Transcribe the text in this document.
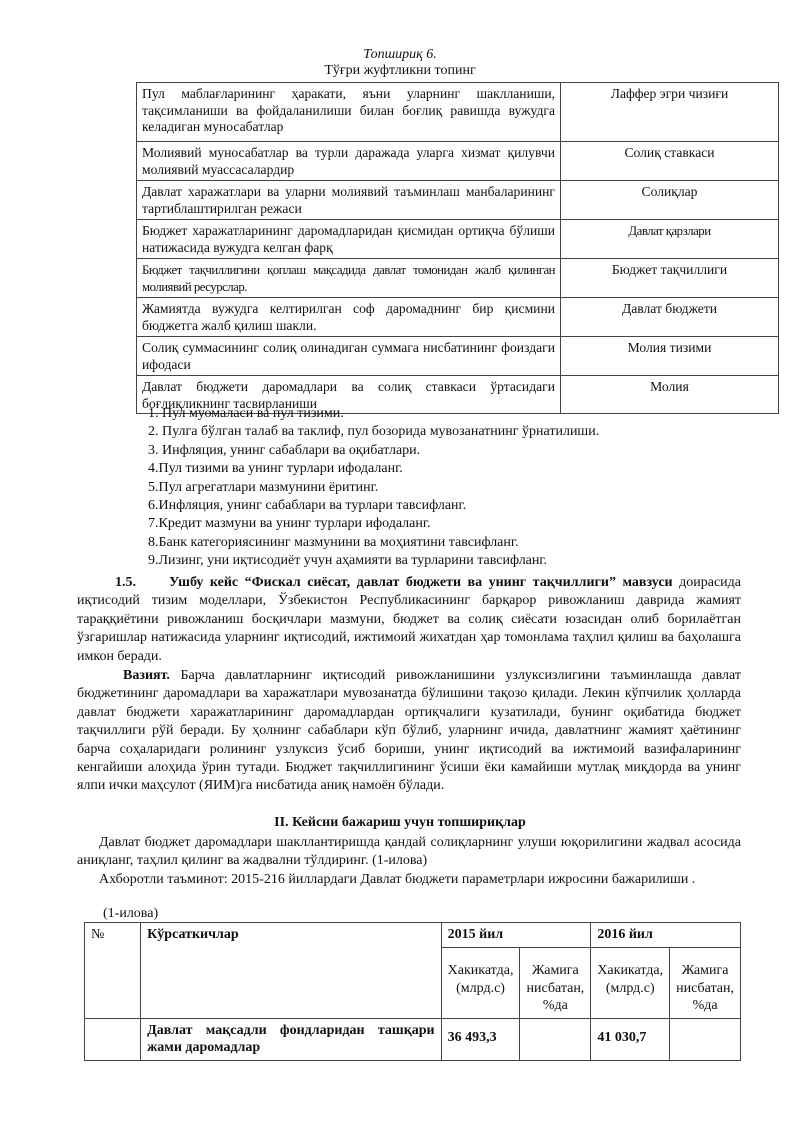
Топшириқ 6.
Тўғри жуфтликни топинг
Пул маблағларининг ҳаракати, яъни уларнинг шаклланиши, тақсимланиши ва фойдаланилиши билан боғлиқ равишда вужудга келадиган муносабатлар	Лаффер эгри чизиғи
Молиявий муносабатлар ва турли даражада уларга хизмат қилувчи молиявий муассасалардир	Солиқ ставкаси
Давлат харажатлари ва уларни молиявий таъминлаш манбаларининг тартиблаштирилган режаси	Солиқлар
Бюджет харажатларининг даромадларидан қисмидан ортиқча бўлиши натижасида вужудга келган фарқ	Давлат қарзлари
Бюджет тақчиллигини қоплаш мақсадида давлат томонидан жалб қилинган молиявий ресурслар.	Бюджет тақчиллиги
Жамиятда вужудга келтирилган соф даромаднинг бир қисмини бюджетга жалб қилиш шакли.	Давлат бюджети
Солиқ суммасининг солиқ олинадиган суммага нисбатининг фоиздаги ифодаси	Молия тизими
Давлат бюджети даромадлари ва солиқ ставкаси ўртасидаги боғлиқликнинг тасвирланиши	Молия
1. Пул муомаласи ва пул тизими.
2. Пулга бўлган талаб ва таклиф, пул бозорида мувозанатнинг ўрнатилиши.
3. Инфляция, унинг сабаблари ва оқибатлари.
4.Пул тизими ва унинг турлари ифодаланг.
5.Пул агрегатлари мазмунини ёритинг.
6.Инфляция, унинг сабаблари ва турлари тавсифланг.
7.Кредит мазмуни ва унинг турлари ифодаланг.
8.Банк категориясининг мазмунини ва моҳиятини тавсифланг.
9.Лизинг, уни иқтисодиёт учун аҳамияти ва турларини тавсифланг.
1.5. Ушбу кейс “Фискал сиёсат, давлат бюджети ва унинг тақчиллиги” мавзуси доирасида иқтисодий тизим моделлари, Ўзбекистон Республикасининг барқарор ривожланиш даврида жамият тараққиётини ривожланиш босқичлари мазмуни, бюджет ва солиқ сиёсати юзасидан олиб борилаётган ўзгаришлар натижасида уларнинг иқтисодий, ижтимоий жихатдан ҳар томонлама таҳлил қилиш ва баҳолашга имкон беради.
Вазият. Барча давлатларнинг иқтисодий ривожланишини узлуксизлигини таъминлашда давлат бюджетининг даромадлари ва харажатлари мувозанатда бўлишини тақозо қилади. Лекин кўпчилик ҳолларда давлат бюджети харажатларининг даромадлардан ортиқчалиги кузатилади, бунинг оқибатида бюджет тақчиллиги рўй беради. Бу ҳолнинг сабаблари кўп бўлиб, уларнинг ичида, давлатнинг жамият ҳаётининг барча соҳаларидаги ролининг узлуксиз ўсиб бориши, унинг иқтисодий ва ижтимоий вазифаларининг кенгайиши алоҳида ўрин тутади. Бюджет тақчиллигининг ўсиши ёки камайиши мутлақ миқдорда ва унинг ялпи ички маҳсулот (ЯИМ)га нисбатида аниқ намоён бўлади.
II. Кейсни бажариш учун топшириқлар
Давлат бюджет даромадлари шакллантиришда қандай солиқларнинг улуши юқорилигини жадвал асосида аниқланг, таҳлил қилинг ва жадвални тўлдиринг. (1-илова)
Ахборотли таъминот: 2015-216 йиллардаги Давлат бюджети параметрлари ижросини бажарилиши .
(1-илова)
№	Кўрсаткичлар	2015 йил		2016 йил	
		Хакикатда, (млрд.с)	Жамига нисбатан, %да	Хакикатда, (млрд.с)	Жамига нисбатан, %да
	Давлат мақсадли фондларидан ташқари жами даромадлар	36 493,3		41 030,7	
